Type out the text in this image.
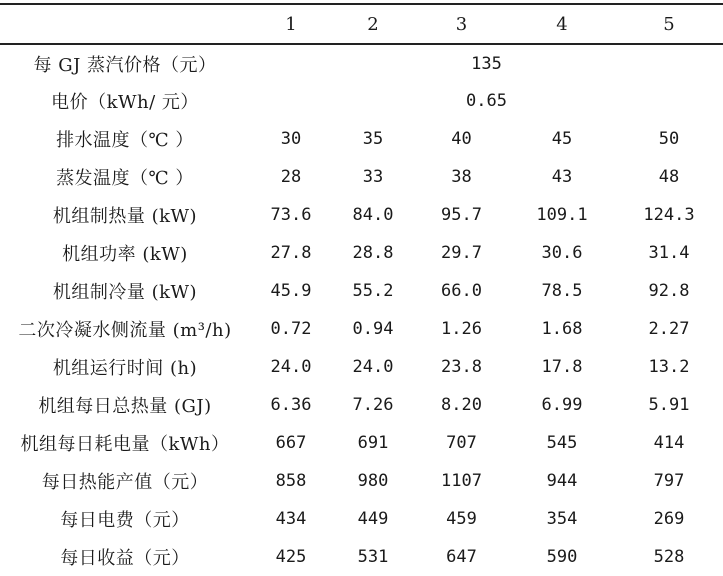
	1	2	3	4	5
每 GJ 蒸汽价格（元）	135				
电价（kWh/ 元）	0.65				
排水温度（℃ ）	30	35	40	45	50
蒸发温度（℃ ）	28	33	38	43	48
机组制热量 (kW)	73.6	84.0	95.7	109.1	124.3
机组功率 (kW)	27.8	28.8	29.7	30.6	31.4
机组制冷量 (kW)	45.9	55.2	66.0	78.5	92.8
二次冷凝水侧流量 (m³/h)	0.72	0.94	1.26	1.68	2.27
机组运行时间 (h)	24.0	24.0	23.8	17.8	13.2
机组每日总热量 (GJ)	6.36	7.26	8.20	6.99	5.91
机组每日耗电量（kWh）	667	691	707	545	414
每日热能产值（元）	858	980	1107	944	797
每日电费（元）	434	449	459	354	269
每日收益（元）	425	531	647	590	528
